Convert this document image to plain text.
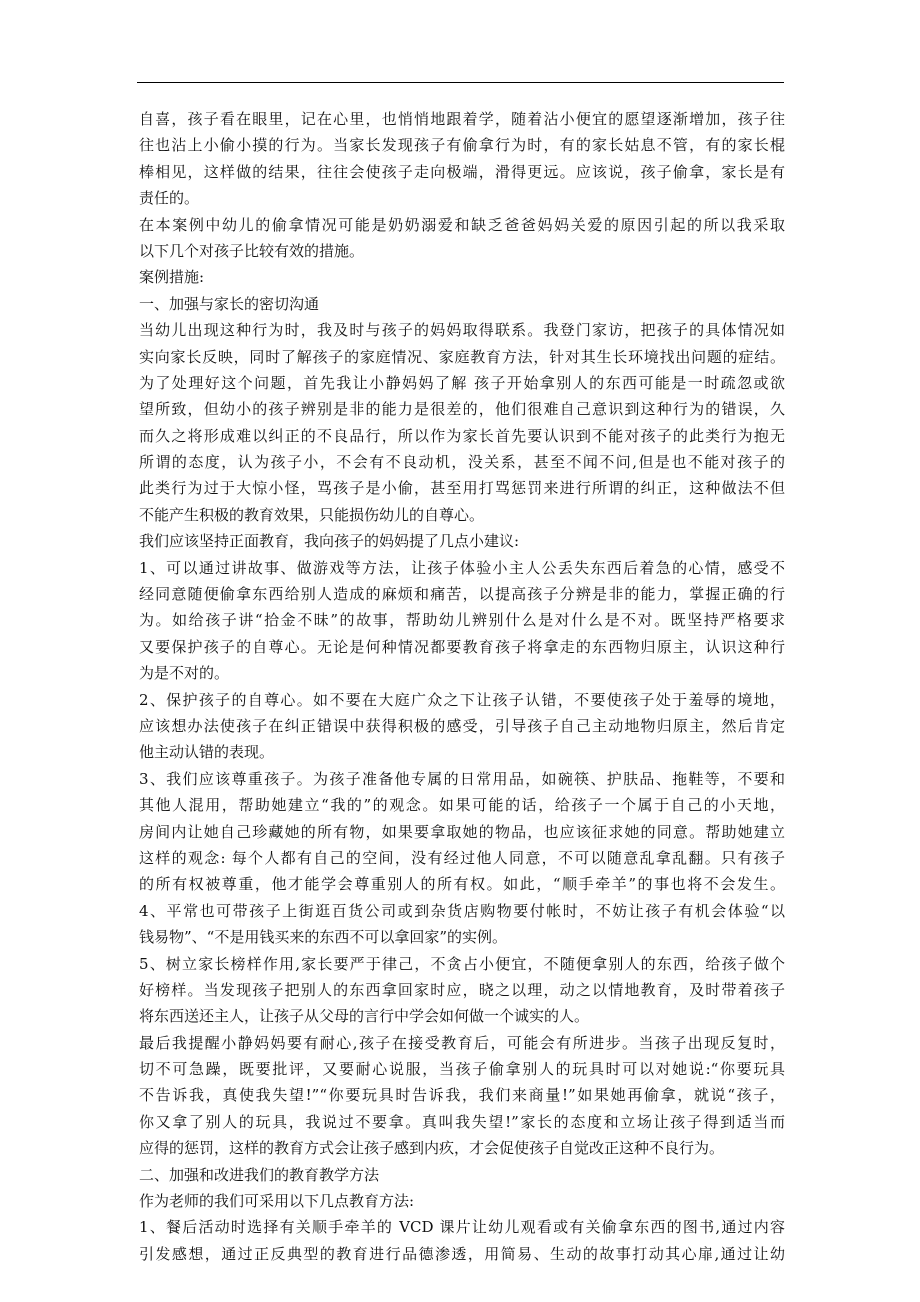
自喜，孩子看在眼里，记在心里，也悄悄地跟着学，随着沾小便宜的愿望逐渐增加，孩子往
往也沾上小偷小摸的行为。当家长发现孩子有偷拿行为时，有的家长姑息不管，有的家长棍
棒相见，这样做的结果，往往会使孩子走向极端，滑得更远。应该说，孩子偷拿，家长是有
责任的。
在本案例中幼儿的偷拿情况可能是奶奶溺爱和缺乏爸爸妈妈关爱的原因引起的所以我采取
以下几个对孩子比较有效的措施。
案例措施:
一、加强与家长的密切沟通
当幼儿出现这种行为时，我及时与孩子的妈妈取得联系。我登门家访，把孩子的具体情况如
实向家长反映，同时了解孩子的家庭情况、家庭教育方法，针对其生长环境找出问题的症结。
为了处理好这个问题，首先我让小静妈妈了解 孩子开始拿别人的东西可能是一时疏忽或欲
望所致，但幼小的孩子辨别是非的能力是很差的，他们很难自己意识到这种行为的错误，久
而久之将形成难以纠正的不良品行，所以作为家长首先要认识到不能对孩子的此类行为抱无
所谓的态度，认为孩子小，不会有不良动机，没关系，甚至不闻不问,但是也不能对孩子的
此类行为过于大惊小怪，骂孩子是小偷，甚至用打骂惩罚来进行所谓的纠正，这种做法不但
不能产生积极的教育效果，只能损伤幼儿的自尊心。
我们应该坚持正面教育，我向孩子的妈妈提了几点小建议:
1、可以通过讲故事、做游戏等方法，让孩子体验小主人公丢失东西后着急的心情，感受不
经同意随便偷拿东西给别人造成的麻烦和痛苦，以提高孩子分辨是非的能力，掌握正确的行
为。如给孩子讲“拾金不昧”的故事，帮助幼儿辨别什么是对什么是不对。既坚持严格要求
又要保护孩子的自尊心。无论是何种情况都要教育孩子将拿走的东西物归原主，认识这种行
为是不对的。
2、保护孩子的自尊心。如不要在大庭广众之下让孩子认错，不要使孩子处于羞辱的境地，
应该想办法使孩子在纠正错误中获得积极的感受，引导孩子自己主动地物归原主，然后肯定
他主动认错的表现。
3、我们应该尊重孩子。为孩子准备他专属的日常用品，如碗筷、护肤品、拖鞋等，不要和
其他人混用，帮助她建立“我的”的观念。如果可能的话，给孩子一个属于自己的小天地，
房间内让她自己珍藏她的所有物，如果要拿取她的物品，也应该征求她的同意。帮助她建立
这样的观念: 每个人都有自己的空间，没有经过他人同意，不可以随意乱拿乱翻。只有孩子
的所有权被尊重，他才能学会尊重别人的所有权。如此，“顺手牵羊”的事也将不会发生。
4、平常也可带孩子上街逛百货公司或到杂货店购物要付帐时，不妨让孩子有机会体验“以
钱易物”、“不是用钱买来的东西不可以拿回家”的实例。
5、树立家长榜样作用,家长要严于律己，不贪占小便宜，不随便拿别人的东西，给孩子做个
好榜样。当发现孩子把别人的东西拿回家时应，晓之以理，动之以情地教育，及时带着孩子
将东西送还主人，让孩子从父母的言行中学会如何做一个诚实的人。
最后我提醒小静妈妈要有耐心,孩子在接受教育后，可能会有所进步。当孩子出现反复时，
切不可急躁，既要批评，又要耐心说服，当孩子偷拿别人的玩具时可以对她说:“你要玩具
不告诉我，真使我失望!”“你要玩具时告诉我，我们来商量!”如果她再偷拿，就说“孩子，
你又拿了别人的玩具，我说过不要拿。真叫我失望!”家长的态度和立场让孩子得到适当而
应得的惩罚，这样的教育方式会让孩子感到内疚，才会促使孩子自觉改正这种不良行为。
二、加强和改进我们的教育教学方法
作为老师的我们可采用以下几点教育方法:
1、餐后活动时选择有关顺手牵羊的 VCD 课片让幼儿观看或有关偷拿东西的图书,通过内容
引发感想，通过正反典型的教育进行品德渗透，用简易、生动的故事打动其心扉,通过让幼
